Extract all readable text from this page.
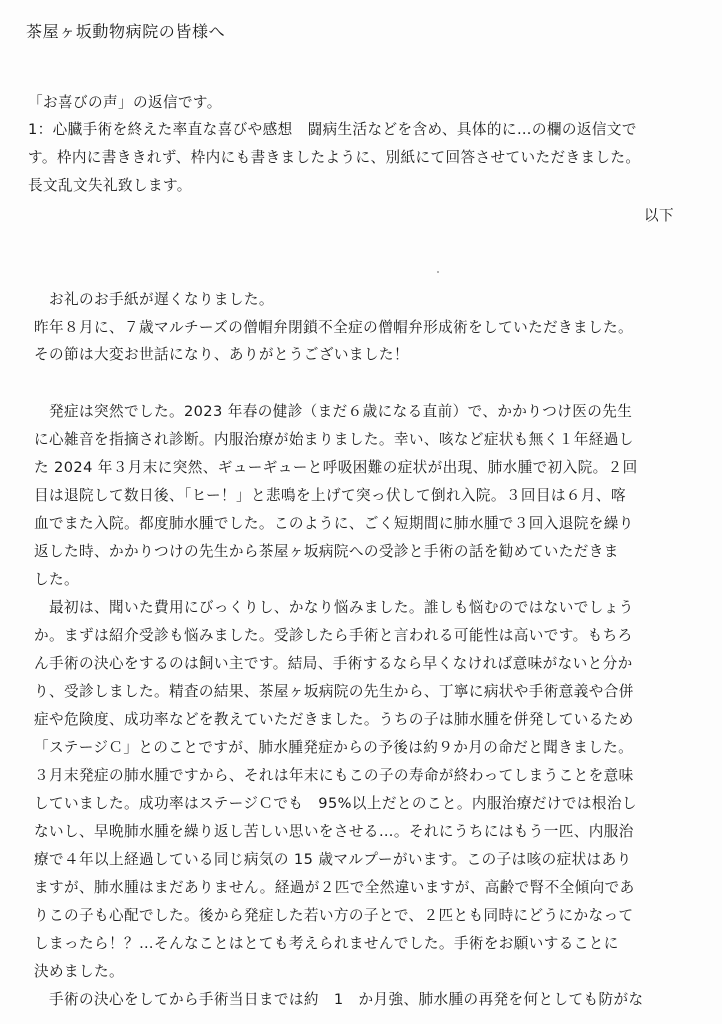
茶屋ヶ坂動物病院の皆様へ
「お喜びの声」の返信です。
1：心臓手術を終えた率直な喜びや感想　闘病生活などを含め、具体的に…の欄の返信文で
す。枠内に書ききれず、枠内にも書きましたように、別紙にて回答させていただきました。
長文乱文失礼致します。
以下
　お礼のお手紙が遅くなりました。
昨年８月に、７歳マルチーズの僧帽弁閉鎖不全症の僧帽弁形成術をしていただきました。
その節は大変お世話になり、ありがとうございました！
　発症は突然でした。2023 年春の健診（まだ６歳になる直前）で、かかりつけ医の先生
に心雑音を指摘され診断。内服治療が始まりました。幸い、咳など症状も無く１年経過し
た 2024 年３月末に突然、ギューギューと呼吸困難の症状が出現、肺水腫で初入院。２回
目は退院して数日後、「ヒー！」と悲鳴を上げて突っ伏して倒れ入院。３回目は６月、喀
血でまた入院。都度肺水腫でした。このように、ごく短期間に肺水腫で３回入退院を繰り
返した時、かかりつけの先生から茶屋ヶ坂病院への受診と手術の話を勧めていただきま
した。
　最初は、聞いた費用にびっくりし、かなり悩みました。誰しも悩むのではないでしょう
か。まずは紹介受診も悩みました。受診したら手術と言われる可能性は高いです。もちろ
ん手術の決心をするのは飼い主です。結局、手術するなら早くなければ意味がないと分か
り、受診しました。精査の結果、茶屋ヶ坂病院の先生から、丁寧に病状や手術意義や合併
症や危険度、成功率などを教えていただきました。うちの子は肺水腫を併発しているため
「ステージＣ」とのことですが、肺水腫発症からの予後は約９か月の命だと聞きました。
３月末発症の肺水腫ですから、それは年末にもこの子の寿命が終わってしまうことを意味
していました。成功率はステージＣでも　95%以上だとのこと。内服治療だけでは根治し
ないし、早晩肺水腫を繰り返し苦しい思いをさせる…。それにうちにはもう一匹、内服治
療で４年以上経過している同じ病気の 15 歳マルプーがいます。この子は咳の症状はあり
ますが、肺水腫はまだありません。経過が２匹で全然違いますが、高齢で腎不全傾向であ
りこの子も心配でした。後から発症した若い方の子とで、２匹とも同時にどうにかなって
しまったら！？…そんなことはとても考えられませんでした。手術をお願いすることに
決めました。
　手術の決心をしてから手術当日までは約　1　か月強、肺水腫の再発を何としても防がな
